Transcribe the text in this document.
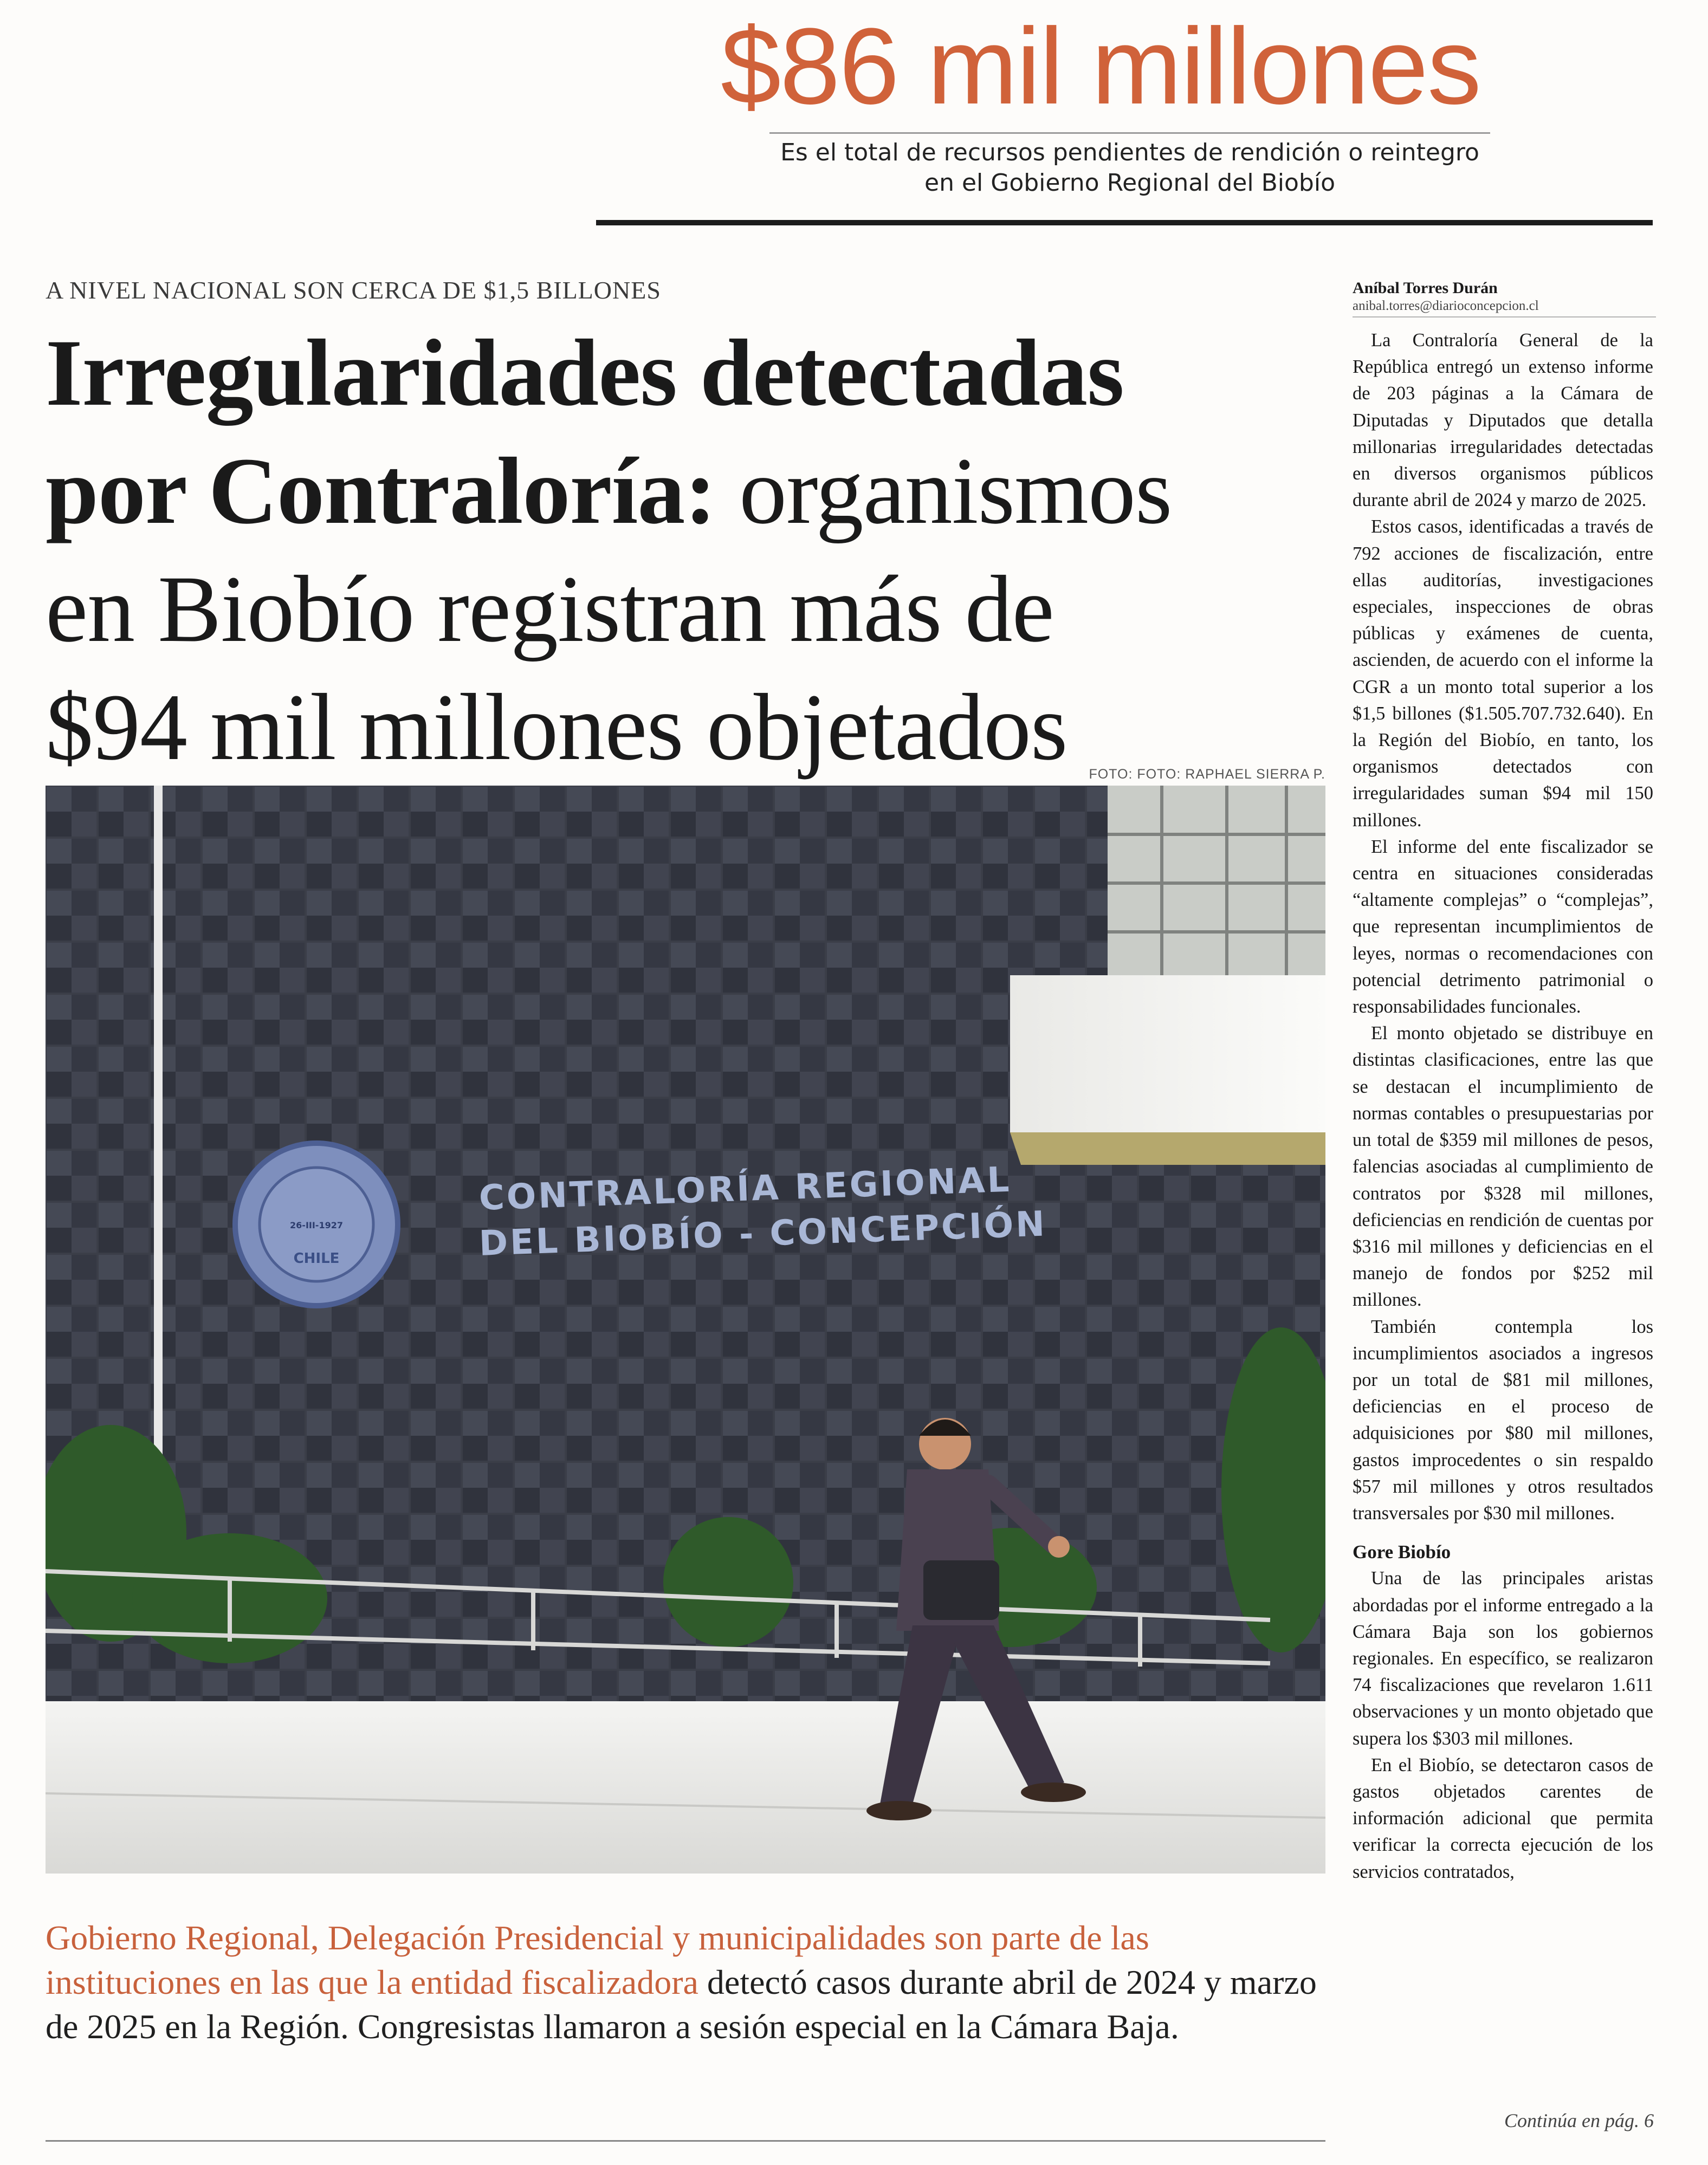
$86 mil millones
Es el total de recursos pendientes de rendición o reintegro
en el Gobierno Regional del Biobío
A NIVEL NACIONAL SON CERCA DE $1,5 BILLONES
Irregularidades detectadas
por Contraloría: organismos
en Biobío registran más de
$94 mil millones objetados	FOTO: FOTO: RAPHAEL SIERRA P.
CONTRALORÍA REGIONAL
DEL BIOBÍO - CONCEPCIÓN
26-III-1927
CHILE
Gobierno Regional, Delegación Presidencial y municipalidades son parte de las instituciones en las que la entidad fiscalizadora detectó casos durante abril de 2024 y marzo de 2025 en la Región. Congresistas llamaron a sesión especial en la Cámara Baja.
Aníbal Torres Durán
anibal.torres@diarioconcepcion.cl

La Contraloría General de la República entregó un extenso informe de 203 páginas a la Cámara de Diputadas y Diputados que detalla millonarias irregularidades detectadas en diversos organismos públicos durante abril de 2024 y marzo de 2025.

Estos casos, identificadas a través de 792 acciones de fiscalización, entre ellas auditorías, investigaciones especiales, inspecciones de obras públicas y exámenes de cuenta, ascienden, de acuerdo con el informe la CGR a un monto total superior a los $1,5 billones ($1.505.707.732.640). En la Región del Biobío, en tanto, los organismos detectados con irregularidades suman $94 mil 150 millones.

El informe del ente fiscalizador se centra en situaciones consideradas “altamente complejas” o “complejas”, que representan incumplimientos de leyes, normas o recomendaciones con potencial detrimento patrimonial o responsabilidades funcionales.

El monto objetado se distribuye en distintas clasificaciones, entre las que se destacan el incumplimiento de normas contables o presupuestarias por un total de $359 mil millones de pesos, falencias asociadas al cumplimiento de contratos por $328 mil millones, deficiencias en rendición de cuentas por $316 mil millones y deficiencias en el manejo de fondos por $252 mil millones.

También contempla los incumplimientos asociados a ingresos por un total de $81 mil millones, deficiencias en el proceso de adquisiciones por $80 mil millones, gastos improcedentes o sin respaldo $57 mil millones y otros resultados transversales por $30 mil millones.

Gore Biobío

Una de las principales aristas abordadas por el informe entregado a la Cámara Baja son los gobiernos regionales. En específico, se realizaron 74 fiscalizaciones que revelaron 1.611 observaciones y un monto objetado que supera los $303 mil millones.

En el Biobío, se detectaron casos de gastos objetados carentes de información adicional que permita verificar la correcta ejecución de los servicios contratados,

Continúa en pág. 6
